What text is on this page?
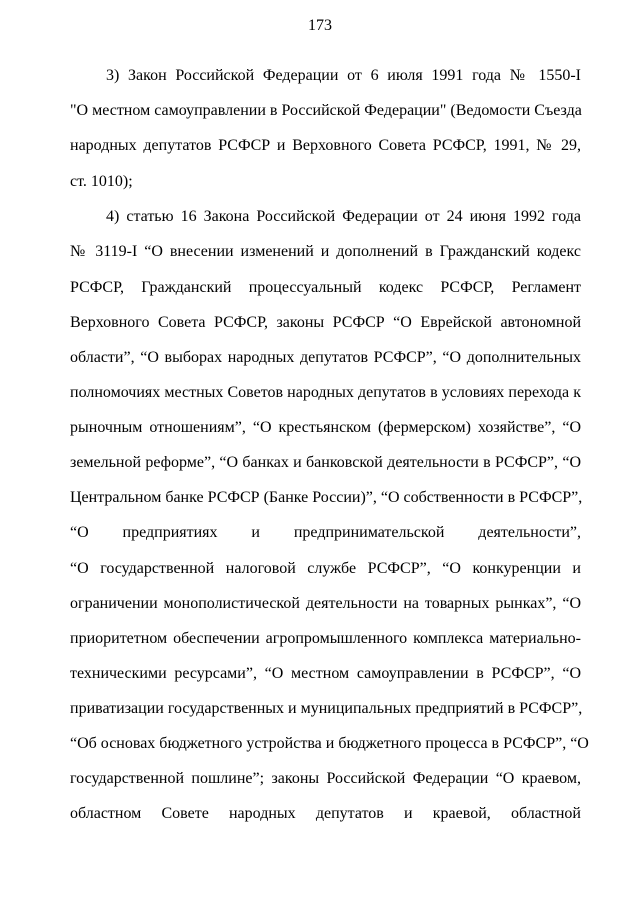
173
3) Закон Российской Федерации от 6 июля 1991 года № 1550-I
"О местном самоуправлении в Российской Федерации" (Ведомости Съезда
народных депутатов РСФСР и Верховного Совета РСФСР, 1991, № 29,
ст. 1010);
4) статью 16 Закона Российской Федерации от 24 июня 1992 года
№ 3119-I “О внесении изменений и дополнений в Гражданский кодекс
РСФСР, Гражданский процессуальный кодекс РСФСР, Регламент
Верховного Совета РСФСР, законы РСФСР “О Еврейской автономной
области”, “О выборах народных депутатов РСФСР”, “О дополнительных
полномочиях местных Советов народных депутатов в условиях перехода к
рыночным отношениям”, “О крестьянском (фермерском) хозяйстве”, “О
земельной реформе”, “О банках и банковской деятельности в РСФСР”, “О
Центральном банке РСФСР (Банке России)”, “О собственности в РСФСР”,
“О предприятиях и предпринимательской деятельности”,
“О государственной налоговой службе РСФСР”, “О конкуренции и
ограничении монополистической деятельности на товарных рынках”, “О
приоритетном обеспечении агропромышленного комплекса материально-
техническими ресурсами”, “О местном самоуправлении в РСФСР”, “О
приватизации государственных и муниципальных предприятий в РСФСР”,
“Об основах бюджетного устройства и бюджетного процесса в РСФСР”, “О
государственной пошлине”; законы Российской Федерации “О краевом,
областном Совете народных депутатов и краевой, областной
